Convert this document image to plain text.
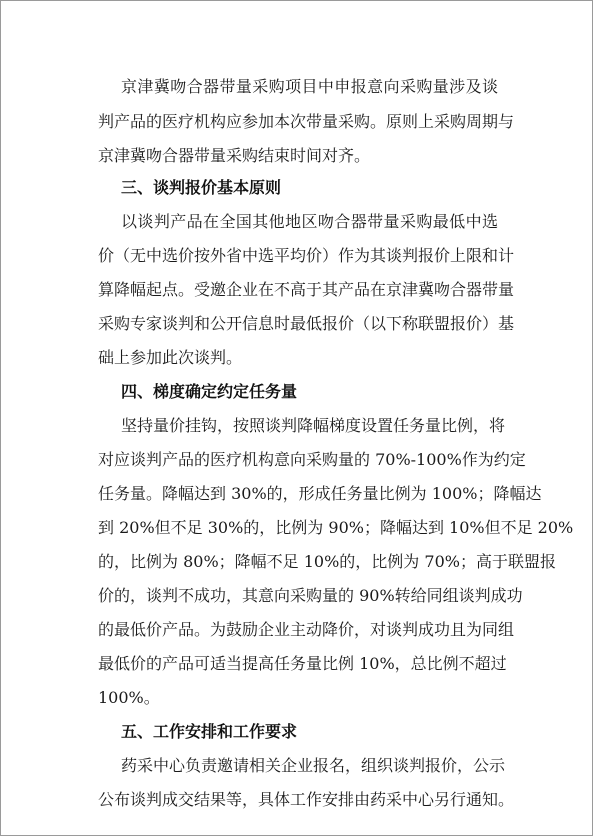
京津冀吻合器带量采购项目中申报意向采购量涉及谈
判产品的医疗机构应参加本次带量采购。原则上采购周期与
京津冀吻合器带量采购结束时间对齐。
三、谈判报价基本原则
以谈判产品在全国其他地区吻合器带量采购最低中选
价（无中选价按外省中选平均价）作为其谈判报价上限和计
算降幅起点。受邀企业在不高于其产品在京津冀吻合器带量
采购专家谈判和公开信息时最低报价（以下称联盟报价）基
础上参加此次谈判。
四、梯度确定约定任务量
坚持量价挂钩，按照谈判降幅梯度设置任务量比例，将
对应谈判产品的医疗机构意向采购量的 70%-100%作为约定
任务量。降幅达到 30%的，形成任务量比例为 100%；降幅达
到 20%但不足 30%的，比例为 90%；降幅达到 10%但不足 20%
的，比例为 80%；降幅不足 10%的，比例为 70%；高于联盟报
价的，谈判不成功，其意向采购量的 90%转给同组谈判成功
的最低价产品。为鼓励企业主动降价，对谈判成功且为同组
最低价的产品可适当提高任务量比例 10%，总比例不超过
100%。
五、工作安排和工作要求
药采中心负责邀请相关企业报名，组织谈判报价，公示
公布谈判成交结果等，具体工作安排由药采中心另行通知。
